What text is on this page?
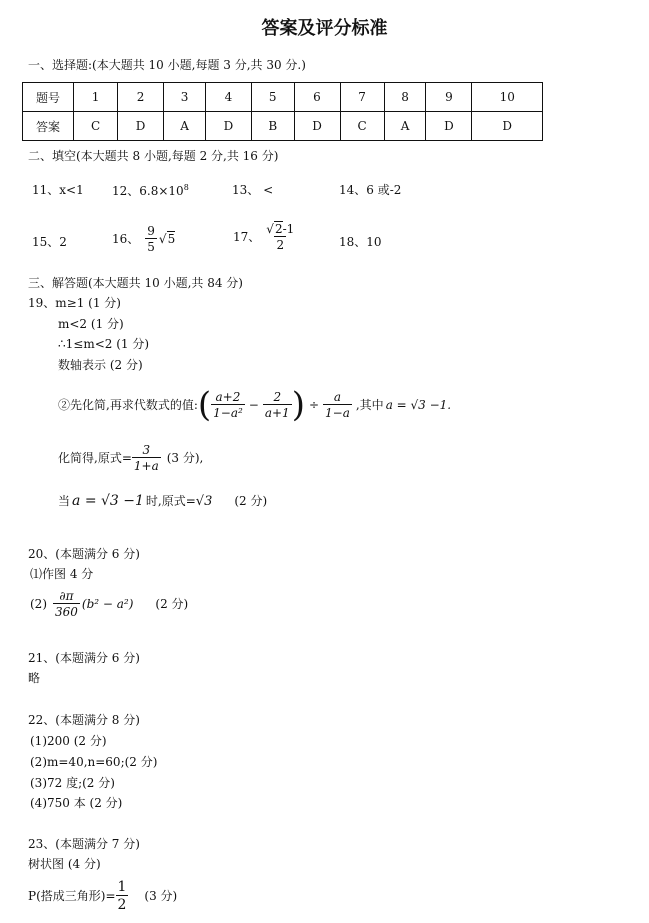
答案及评分标准
一、选择题:(本大题共 10 小题,每题 3 分,共 30 分.)
题号	1	2	3	4	5	6	7	8	9	10
答案	C	D	A	D	B	D	C	A	D	D
二、填空(本大题共 8 小题,每题 2 分,共 16 分)
11、x<1 12、$6.8\times 10^8$	13、 <	14、6 或-2
15、2	16、 $\frac{9}{5} √5$	17、 $\frac{√2-1}{2}$	18、10
三、解答题(本大题共 10 小题,共 84 分)
19、m≥1 (1 分)
m<2 (1 分)
∴1≤m<2 (1 分)
数轴表示 (2 分)
②先化简,再求代数式的值: ( $\frac{a+2}{\text{1−a²}} - \frac{2}{a+1}$ ) ÷ $\frac{a}{1-a}$ ,其中 a = √3 −1.
化简得,原式= $\frac{3}{1+a} (3$ 分),
当 a = √3 −1 时,原式= √3 (2 分)
20、(本题满分 6 分)
⑴作图 4 分
$(2) \frac{\partial\pi}{360} (b^2 - a^2)$ (2 分)
21、(本题满分 6 分)
略
22、(本题满分 8 分)
(1)200 (2 分)
(2)m=40,n=60;(2 分)
(3)72 度;(2 分)
(4)750 本 (2 分)
23、(本题满分 7 分)
树状图 (4 分)
P(搭成三角形)= $\frac{1}{2} (3$ 分)
